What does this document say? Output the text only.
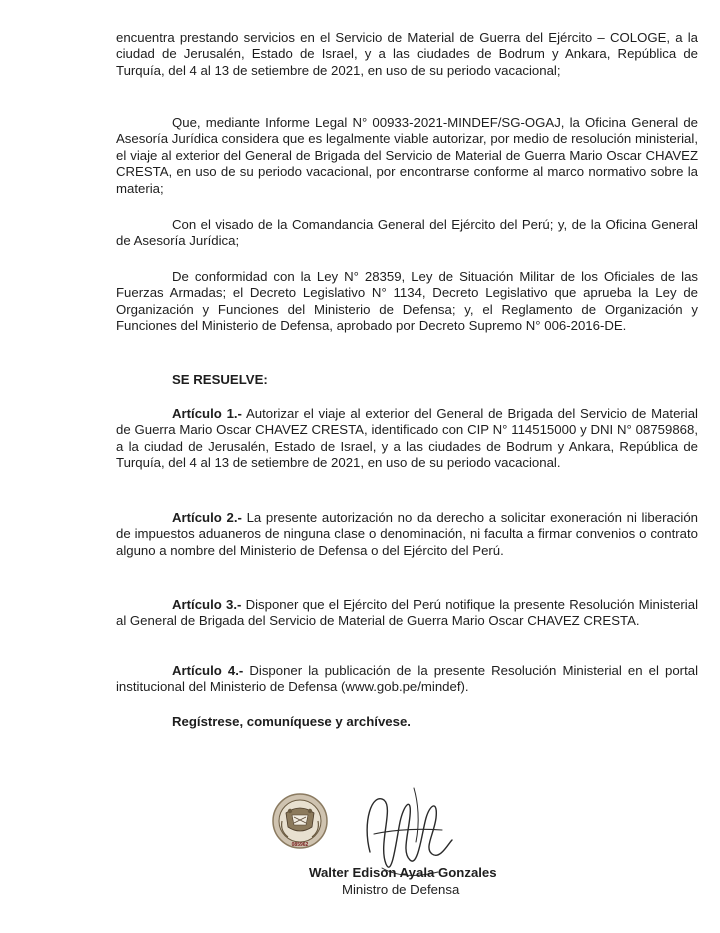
encuentra prestando servicios en el Servicio de Material de Guerra del Ejército – COLOGE, a la ciudad de Jerusalén, Estado de Israel, y a las ciudades de Bodrum y Ankara, República de Turquía, del 4 al 13 de setiembre de 2021, en uso de su periodo vacacional;

Que, mediante Informe Legal N° 00933-2021-MINDEF/SG-OGAJ, la Oficina General de Asesoría Jurídica considera que es legalmente viable autorizar, por medio de resolución ministerial, el viaje al exterior del General de Brigada del Servicio de Material de Guerra Mario Oscar CHAVEZ CRESTA, en uso de su periodo vacacional, por encontrarse conforme al marco normativo sobre la materia;

Con el visado de la Comandancia General del Ejército del Perú; y, de la Oficina General de Asesoría Jurídica;

De conformidad con la Ley N° 28359, Ley de Situación Militar de los Oficiales de las Fuerzas Armadas; el Decreto Legislativo N° 1134, Decreto Legislativo que aprueba la Ley de Organización y Funciones del Ministerio de Defensa; y, el Reglamento de Organización y Funciones del Ministerio de Defensa, aprobado por Decreto Supremo N° 006-2016-DE.

SE RESUELVE:

Artículo 1.- Autorizar el viaje al exterior del General de Brigada del Servicio de Material de Guerra Mario Oscar CHAVEZ CRESTA, identificado con CIP N° 114515000 y DNI N° 08759868, a la ciudad de Jerusalén, Estado de Israel, y a las ciudades de Bodrum y Ankara, República de Turquía, del 4 al 13 de setiembre de 2021, en uso de su periodo vacacional.

Artículo 2.- La presente autorización no da derecho a solicitar exoneración ni liberación de impuestos aduaneros de ninguna clase o denominación, ni faculta a firmar convenios o contrato alguno a nombre del Ministerio de Defensa o del Ejército del Perú.

Artículo 3.- Disponer que el Ejército del Perú notifique la presente Resolución Ministerial al General de Brigada del Servicio de Material de Guerra Mario Oscar CHAVEZ CRESTA.

Artículo 4.- Disponer la publicación de la presente Resolución Ministerial en el portal institucional del Ministerio de Defensa (www.gob.pe/mindef).

Regístrese, comuníquese y archívese.

085962
Walter Edison Ayala Gonzales
Ministro de Defensa
